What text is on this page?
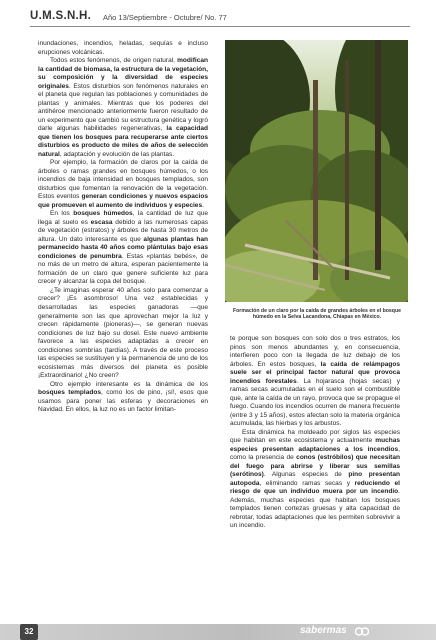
U.M.S.N.H. Año 13/Septiembre - Octubre/ No. 77

inundaciones, incendios, heladas, sequías e incluso erupciones volcánicas.

Todos estos fenómenos, de origen natural, modifican la cantidad de biomasa, la estructura de la vegetación, su composición y la diversidad de especies originales. Estos disturbios son fenómenos naturales en el planeta que regulan las poblaciones y comunidades de plantas y animales. Mientras que los poderes del antihéroe mencionado anteriormente fueron resultado de un experimento que cambió su estructura genética y logró darle algunas habilidades regenerativas, la capacidad que tienen los bosques para recuperarse ante ciertos disturbios es producto de miles de años de selección natural, adaptación y evolución de las plantas.

Por ejemplo, la formación de claros por la caída de árboles o ramas grandes en bosques húmedos, o los incendios de baja intensidad en bosques templados, son disturbios que fomentan la renovación de la vegetación. Estos eventos generan condiciones y nuevos espacios que promueven el aumento de individuos y especies.

En los bosques húmedos, la cantidad de luz que llega al suelo es escasa debido a las numerosas capas de vegetación (estratos) y árboles de hasta 30 metros de altura. Un dato interesante es que algunas plantas han permanecido hasta 40 años como plántulas bajo esas condiciones de penumbra. Estas «plantas bebés», de no más de un metro de altura, esperan pacientemente la formación de un claro que genere suficiente luz para crecer y alcanzar la copa del bosque.

¿Te imaginas esperar 40 años solo para comenzar a crecer? ¡Es asombroso! Una vez establecidas y desarrolladas las especies ganadoras —que generalmente son las que aprovechan mejor la luz y crecen rápidamente (pioneras)—, se generan nuevas condiciones de luz bajo su dosel. Este nuevo ambiente favorece a las especies adaptadas a crecer en condiciones sombrías (tardías). A través de este proceso las especies se sustituyen y la permanencia de uno de los ecosistemas más diversos del planeta es posible ¡Extraordinario! ¿No creen?

Otro ejemplo interesante es la dinámica de los bosques templados, como los de pino, ¡sí!, esos que usamos para poner las esferas y decoraciones en Navidad. En ellos, la luz no es un factor limitan-

Formación de un claro por la caída de grandes árboles en el bosque húmedo en la Selva Lacandona, Chiapas en México.

te porque son bosques con solo dos o tres estratos, los pinos son menos abundantes y, en consecuencia, interfieren poco con la llegada de luz debajo de los árboles. En estos bosques, la caída de relámpagos suele ser el principal factor natural que provoca incendios forestales. La hojarasca (hojas secas) y ramas secas acumuladas en el suelo son el combustible que, ante la caída de un rayo, provoca que se propague el fuego. Cuando los incendios ocurren de manera frecuente (entre 3 y 15 años), estos afectan solo la materia orgánica acumulada, las hierbas y los arbustos.

Esta dinámica ha moldeado por siglos las especies que habitan en este ecosistema y actualmente muchas especies presentan adaptaciones a los incendios, como la presencia de conos (estróbilos) que necesitan del fuego para abrirse y liberar sus semillas (serótinos). Algunas especies de pino presentan autopoda, eliminando ramas secas y reduciendo el riesgo de que un individuo muera por un incendio. Además, muchas especies que habitan los bosques templados tienen cortezas gruesas y alta capacidad de rebrotar, todas adaptaciones que les permiten sobrevivir a un incendio.

32	sabermas
